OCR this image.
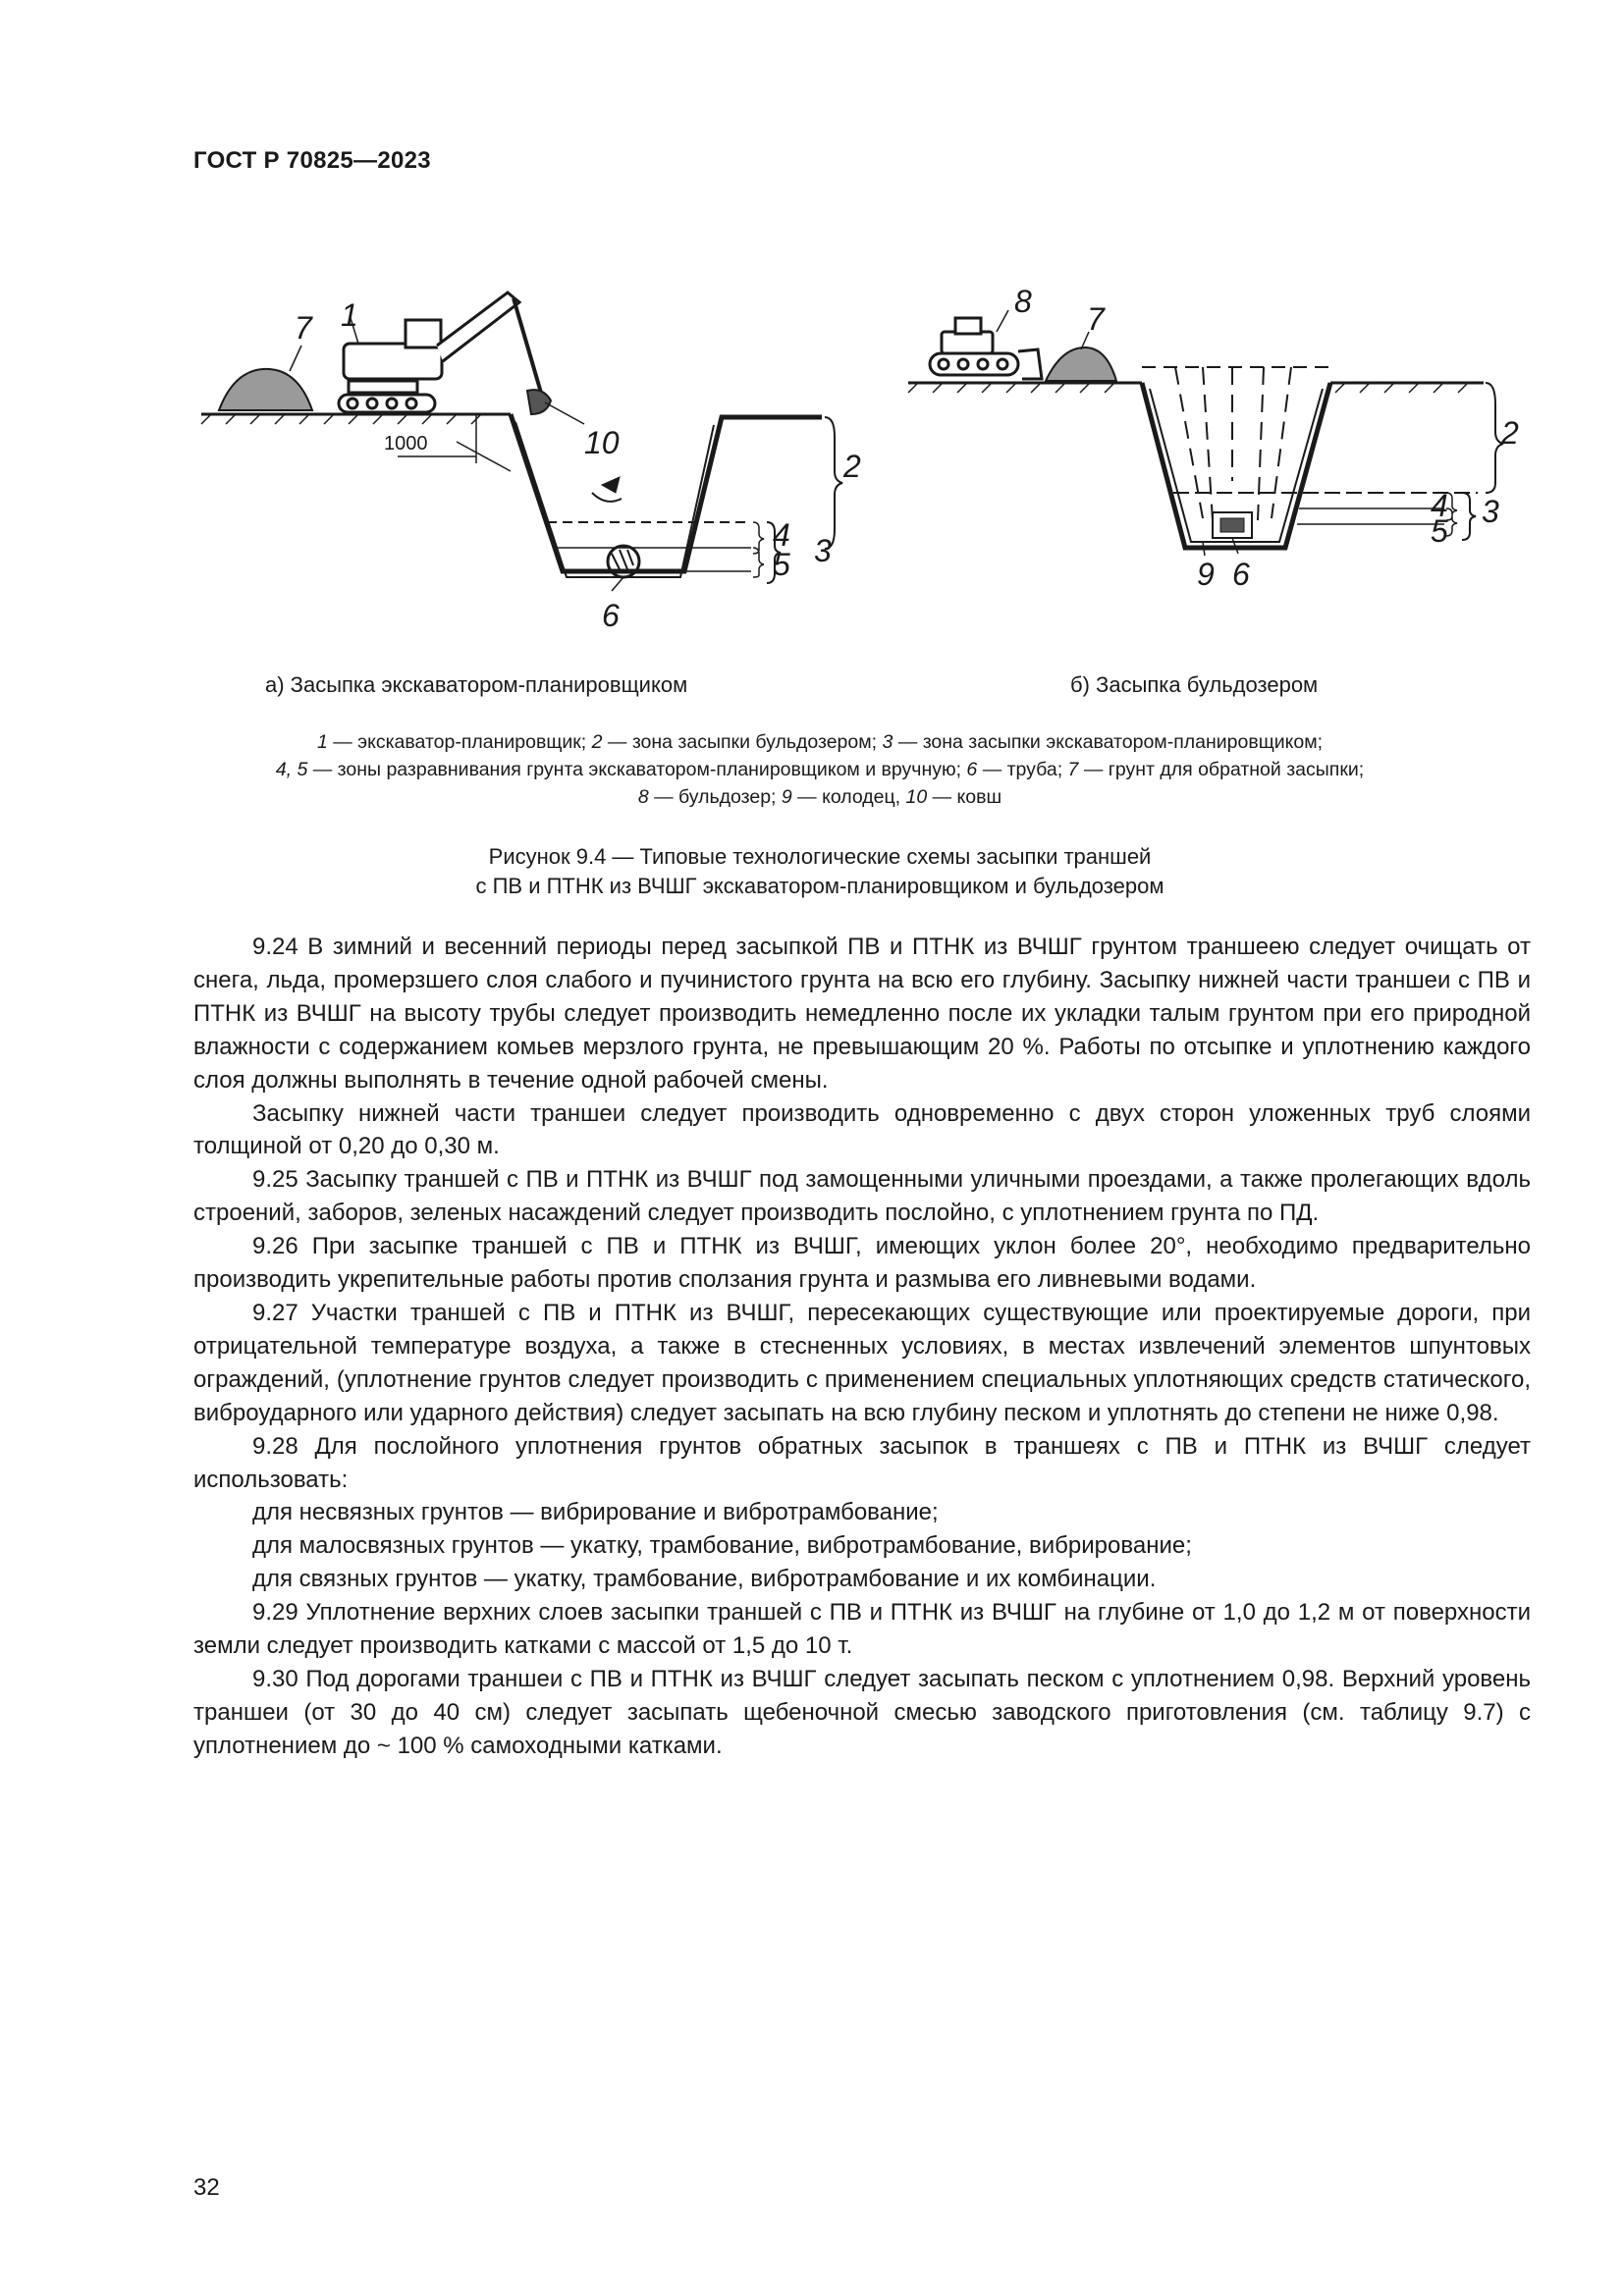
ГОСТ Р 70825—2023
7 1
10
2
4
5 3
6
1000
8 7
2
4
5
3
9 6
а) Засыпка экскаватором-планировщиком	б) Засыпка бульдозером
1 — экскаватор-планировщик; 2 — зона засыпки бульдозером; 3 — зона засыпки экскаватором-планировщиком;
4, 5 — зоны разравнивания грунта экскаватором-планировщиком и вручную; 6 — труба; 7 — грунт для обратной засыпки;
8 — бульдозер; 9 — колодец, 10 — ковш
Рисунок 9.4 — Типовые технологические схемы засыпки траншей
с ПВ и ПТНК из ВЧШГ экскаватором-планировщиком и бульдозером

9.24 В зимний и весенний периоды перед засыпкой ПВ и ПТНК из ВЧШГ грунтом траншеею следует очищать от снега, льда, промерзшего слоя слабого и пучинистого грунта на всю его глубину. Засыпку нижней части траншеи с ПВ и ПТНК из ВЧШГ на высоту трубы следует производить немедленно после их укладки талым грунтом при его природной влажности с содержанием комьев мерзлого грунта, не превышающим 20 %. Работы по отсыпке и уплотнению каждого слоя должны выполнять в течение одной рабочей смены.

Засыпку нижней части траншеи следует производить одновременно с двух сторон уложенных труб слоями толщиной от 0,20 до 0,30 м.

9.25 Засыпку траншей с ПВ и ПТНК из ВЧШГ под замощенными уличными проездами, а также пролегающих вдоль строений, заборов, зеленых насаждений следует производить послойно, с уплотнением грунта по ПД.

9.26 При засыпке траншей с ПВ и ПТНК из ВЧШГ, имеющих уклон более 20°, необходимо предварительно производить укрепительные работы против сползания грунта и размыва его ливневыми водами.

9.27 Участки траншей с ПВ и ПТНК из ВЧШГ, пересекающих существующие или проектируемые дороги, при отрицательной температуре воздуха, а также в стесненных условиях, в местах извлечений элементов шпунтовых ограждений, (уплотнение грунтов следует производить с применением специальных уплотняющих средств статического, виброударного или ударного действия) следует засыпать на всю глубину песком и уплотнять до степени не ниже 0,98.

9.28 Для послойного уплотнения грунтов обратных засыпок в траншеях с ПВ и ПТНК из ВЧШГ следует использовать:

для несвязных грунтов — вибрирование и вибротрамбование;

для малосвязных грунтов — укатку, трамбование, вибротрамбование, вибрирование;

для связных грунтов — укатку, трамбование, вибротрамбование и их комбинации.

9.29 Уплотнение верхних слоев засыпки траншей с ПВ и ПТНК из ВЧШГ на глубине от 1,0 до 1,2 м от поверхности земли следует производить катками с массой от 1,5 до 10 т.

9.30 Под дорогами траншеи с ПВ и ПТНК из ВЧШГ следует засыпать песком с уплотнением 0,98. Верхний уровень траншеи (от 30 до 40 см) следует засыпать щебеночной смесью заводского приготовления (см. таблицу 9.7) с уплотнением до ~ 100 % самоходными катками.

32
